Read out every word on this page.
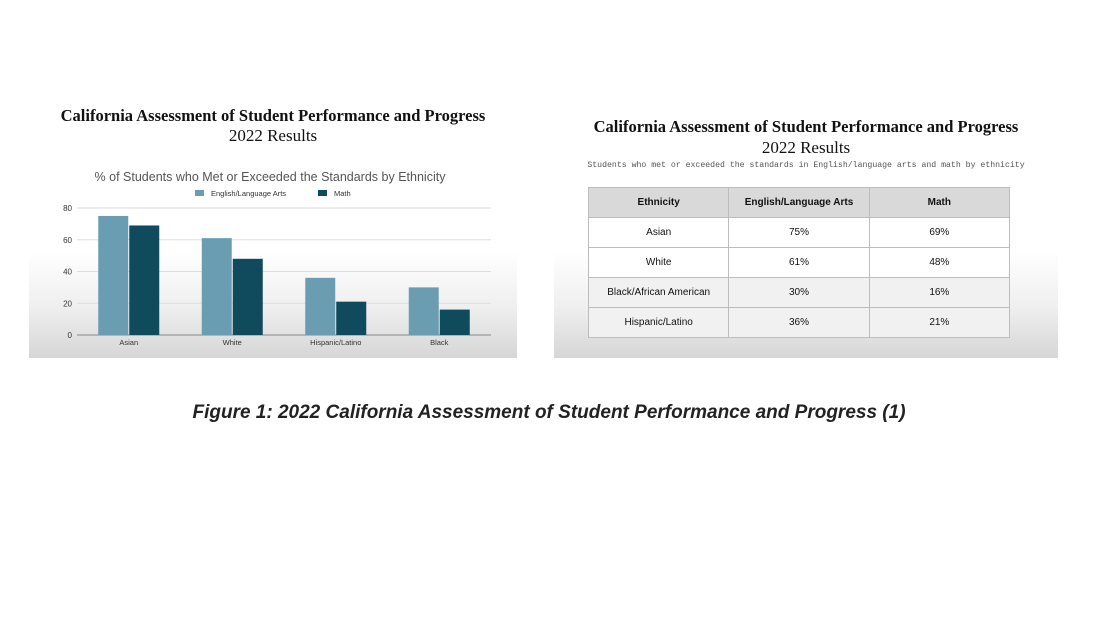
California Assessment of Student Performance and Progress
2022 Results
% of Students who Met or Exceeded the Standards by Ethnicity
English/Language Arts	Math
0
20
40
60
80
Asian	White	Hispanic/Latino	Black
California Assessment of Student Performance and Progress
2022 Results
Students who met or exceeded the standards in English/language arts and math by ethnicity
Ethnicity	English/Language Arts	Math
Asian	75%	69%
White	61%	48%
Black/African American	30%	16%
Hispanic/Latino	36%	21%
Figure 1: 2022 California Assessment of Student Performance and Progress (1)
